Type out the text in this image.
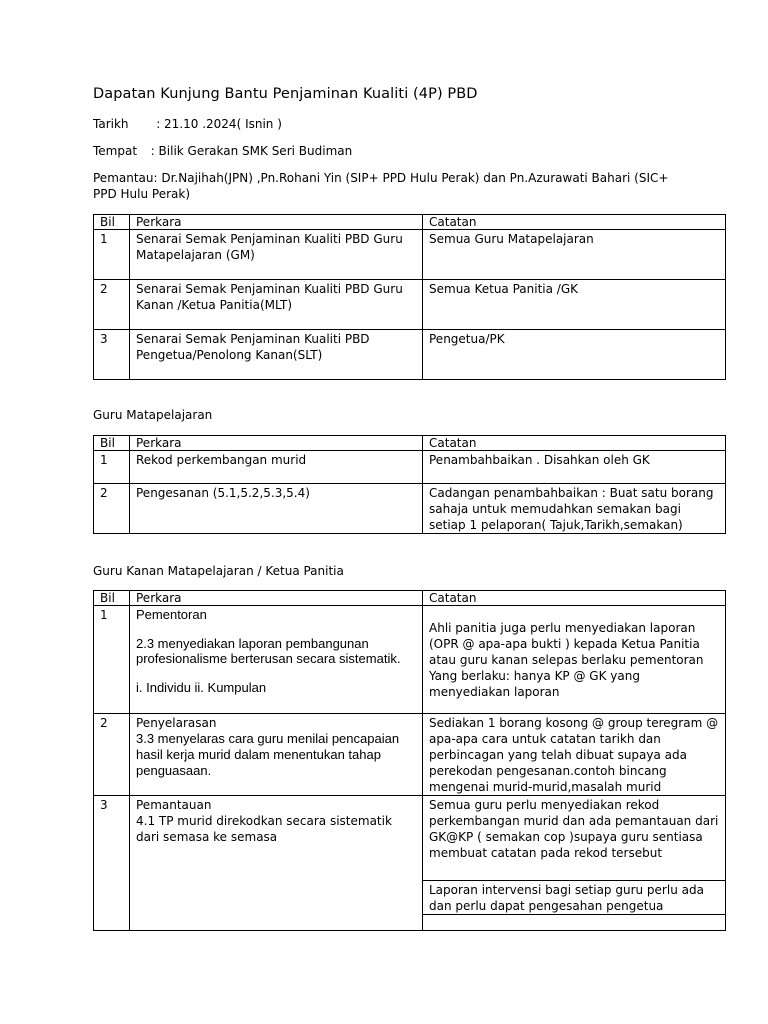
Dapatan Kunjung Bantu Penjaminan Kualiti (4P) PBD
Tarikh : 21.10 .2024( Isnin )
Tempat : Bilik Gerakan SMK Seri Budiman
Pemantau: Dr.Najihah(JPN) ,Pn.Rohani Yin (SIP+ PPD Hulu Perak) dan Pn.Azurawati Bahari (SIC+ PPD Hulu Perak)
Bil	Perkara	Catatan
1	Senarai Semak Penjaminan Kualiti PBD Guru Matapelajaran (GM)	Semua Guru Matapelajaran
2	Senarai Semak Penjaminan Kualiti PBD Guru Kanan /Ketua Panitia(MLT)	Semua Ketua Panitia /GK
3	Senarai Semak Penjaminan Kualiti PBD Pengetua/Penolong Kanan(SLT)	Pengetua/PK
Guru Matapelajaran
Bil	Perkara	Catatan
1	Rekod perkembangan murid	Penambahbaikan . Disahkan oleh GK
2	Pengesanan (5.1,5.2,5.3,5.4)	Cadangan penambahbaikan : Buat satu borang sahaja untuk memudahkan semakan bagi setiap 1 pelaporan( Tajuk,Tarikh,semakan)
Guru Kanan Matapelajaran / Ketua Panitia
Bil	Perkara	Catatan
1	Pementoran
2.3 menyediakan laporan pembangunan profesionalisme berterusan secara sistematik.
i. Individu ii. Kumpulan	Ahli panitia juga perlu menyediakan laporan (OPR @ apa-apa bukti ) kepada Ketua Panitia atau guru kanan selepas berlaku pementoran
Yang berlaku: hanya KP @ GK yang menyediakan laporan
2	Penyelarasan
3.3 menyelaras cara guru menilai pencapaian hasil kerja murid dalam menentukan tahap penguasaan.	Sediakan 1 borang kosong @ group teregram @ apa-apa cara untuk catatan tarikh dan perbincagan yang telah dibuat supaya ada perekodan pengesanan.contoh bincang mengenai murid-murid,masalah murid
3	Pemantauan
4.1 TP murid direkodkan secara sistematik dari semasa ke semasa	Semua guru perlu menyediakan rekod perkembangan murid dan ada pemantauan dari GK@KP ( semakan cop )supaya guru sentiasa membuat catatan pada rekod tersebut
		Laporan intervensi bagi setiap guru perlu ada dan perlu dapat pengesahan pengetua
